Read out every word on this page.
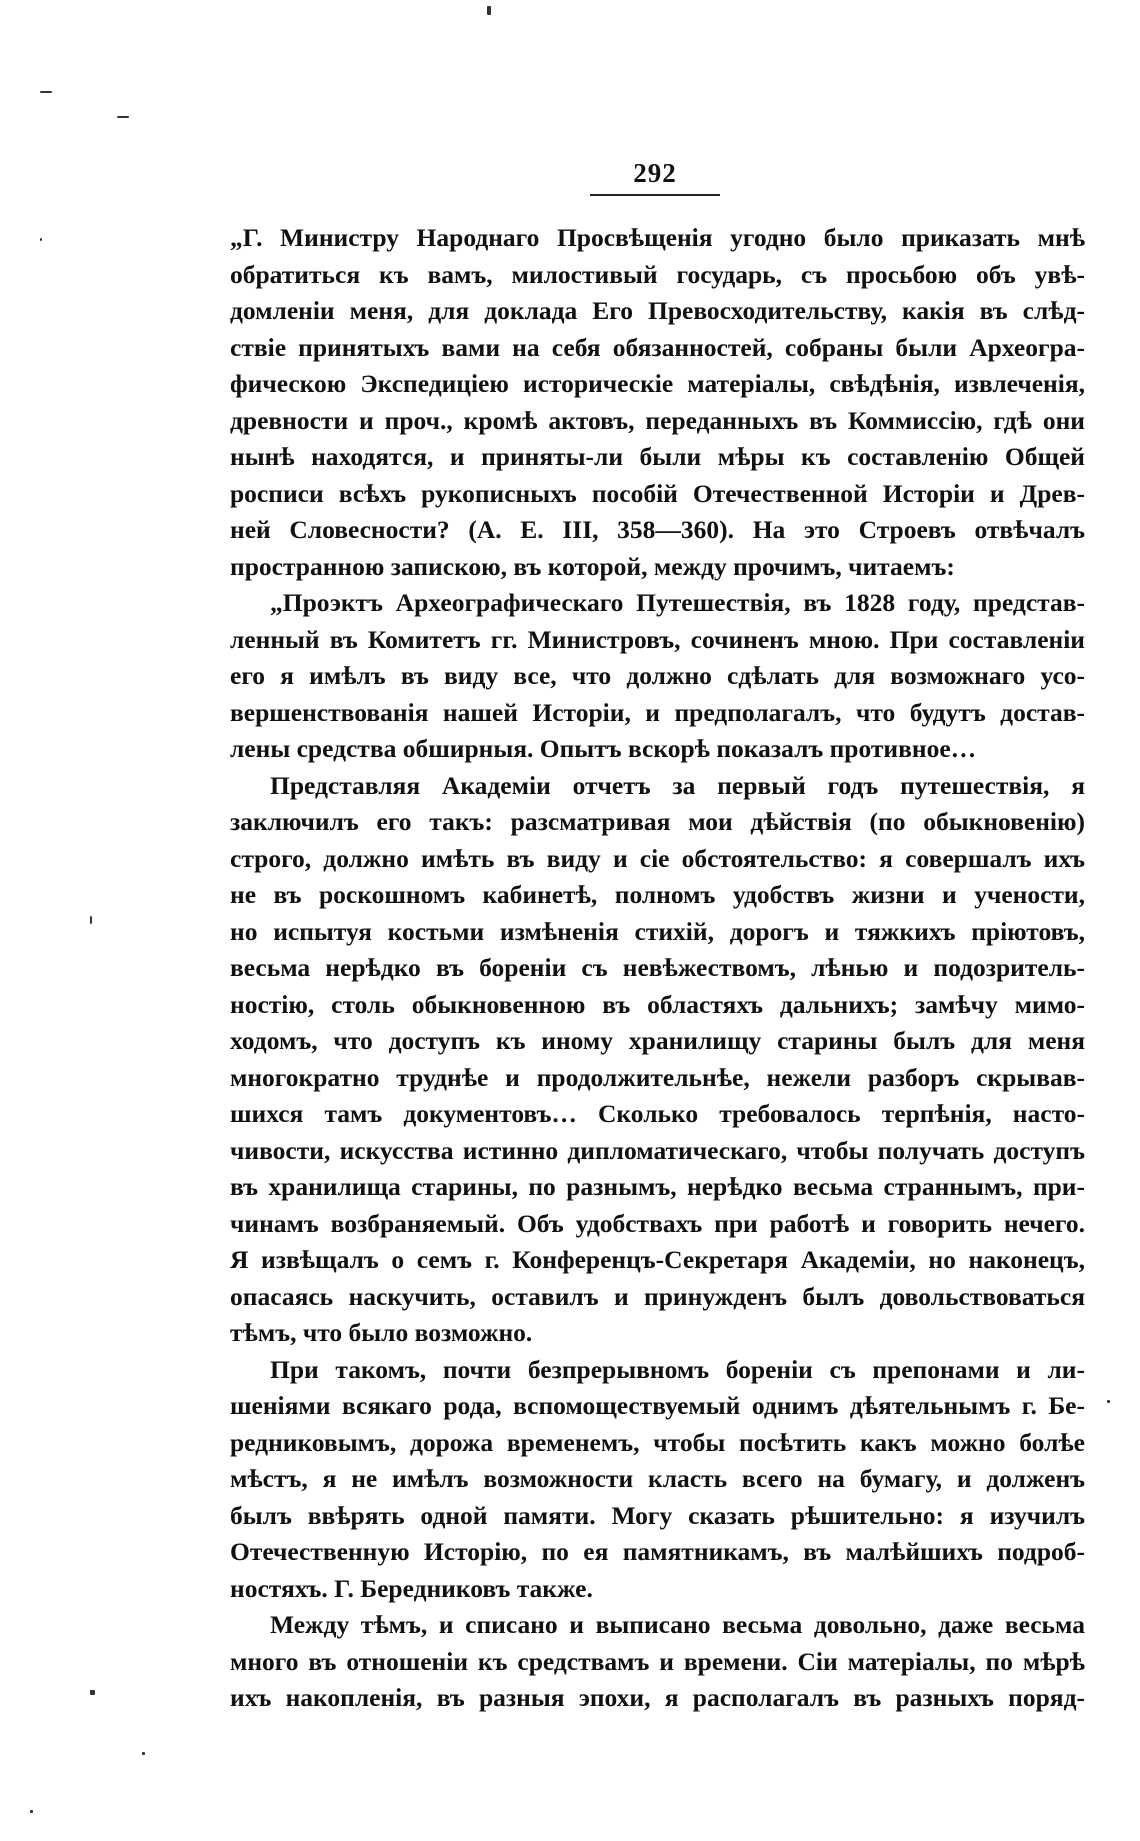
292
„Г. Министру Народнаго Просвѣщенія угодно было приказать мнѣ
обратиться къ вамъ, милостивый государь, съ просьбою объ увѣ-
домленіи меня, для доклада Его Превосходительству, какія въ слѣд-
ствіе принятыхъ вами на себя обязанностей, собраны были Археогра-
фическою Экспедиціею историческіе матеріалы, свѣдѣнія, извлеченія,
древности и проч., кромѣ актовъ, переданныхъ въ Коммиссію, гдѣ они
нынѣ находятся, и приняты-ли были мѣры къ составленію Общей
росписи всѣхъ рукописныхъ пособій Отечественной Исторіи и Древ-
ней Словесности? (А. Е. III, 358—360). На это Строевъ отвѣчалъ
пространною запискою, въ которой, между прочимъ, читаемъ:
„Проэктъ Археографическаго Путешествія, въ 1828 году, представ-
ленный въ Комитетъ гг. Министровъ, сочиненъ мною. При составленіи
его я имѣлъ въ виду все, что должно сдѣлать для возможнаго усо-
вершенствованія нашей Исторіи, и предполагалъ, что будутъ достав-
лены средства обширныя. Опытъ вскорѣ показалъ противное…
Представляя Академіи отчетъ за первый годъ путешествія, я
заключилъ его такъ: разсматривая мои дѣйствія (по обыкновенію)
строго, должно имѣть въ виду и сіе обстоятельство: я совершалъ ихъ
не въ роскошномъ кабинетѣ, полномъ удобствъ жизни и учености,
но испытуя костьми измѣненія стихій, дорогъ и тяжкихъ пріютовъ,
весьма нерѣдко въ бореніи съ невѣжествомъ, лѣнью и подозритель-
ностію, столь обыкновенною въ областяхъ дальнихъ; замѣчу мимо-
ходомъ, что доступъ къ иному хранилищу старины былъ для меня
многократно труднѣе и продолжительнѣе, нежели разборъ скрывав-
шихся тамъ документовъ… Сколько требовалось терпѣнія, насто-
чивости, искусства истинно дипломатическаго, чтобы получать доступъ
въ хранилища старины, по разнымъ, нерѣдко весьма страннымъ, при-
чинамъ возбраняемый. Объ удобствахъ при работѣ и говорить нечего.
Я извѣщалъ о семъ г. Конференцъ-Секретаря Академіи, но наконецъ,
опасаясь наскучить, оставилъ и принужденъ былъ довольствоваться
тѣмъ, что было возможно.
При такомъ, почти безпрерывномъ бореніи съ препонами и ли-
шеніями всякаго рода, вспомоществуемый однимъ дѣятельнымъ г. Бе-
редниковымъ, дорожа временемъ, чтобы посѣтить какъ можно болѣе
мѣстъ, я не имѣлъ возможности класть всего на бумагу, и долженъ
былъ ввѣрять одной памяти. Могу сказать рѣшительно: я изучилъ
Отечественную Исторію, по ея памятникамъ, въ малѣйшихъ подроб-
ностяхъ. Г. Бередниковъ также.
Между тѣмъ, и списано и выписано весьма довольно, даже весьма
много въ отношеніи къ средствамъ и времени. Сіи матеріалы, по мѣрѣ
ихъ накопленія, въ разныя эпохи, я располагалъ въ разныхъ поряд-
